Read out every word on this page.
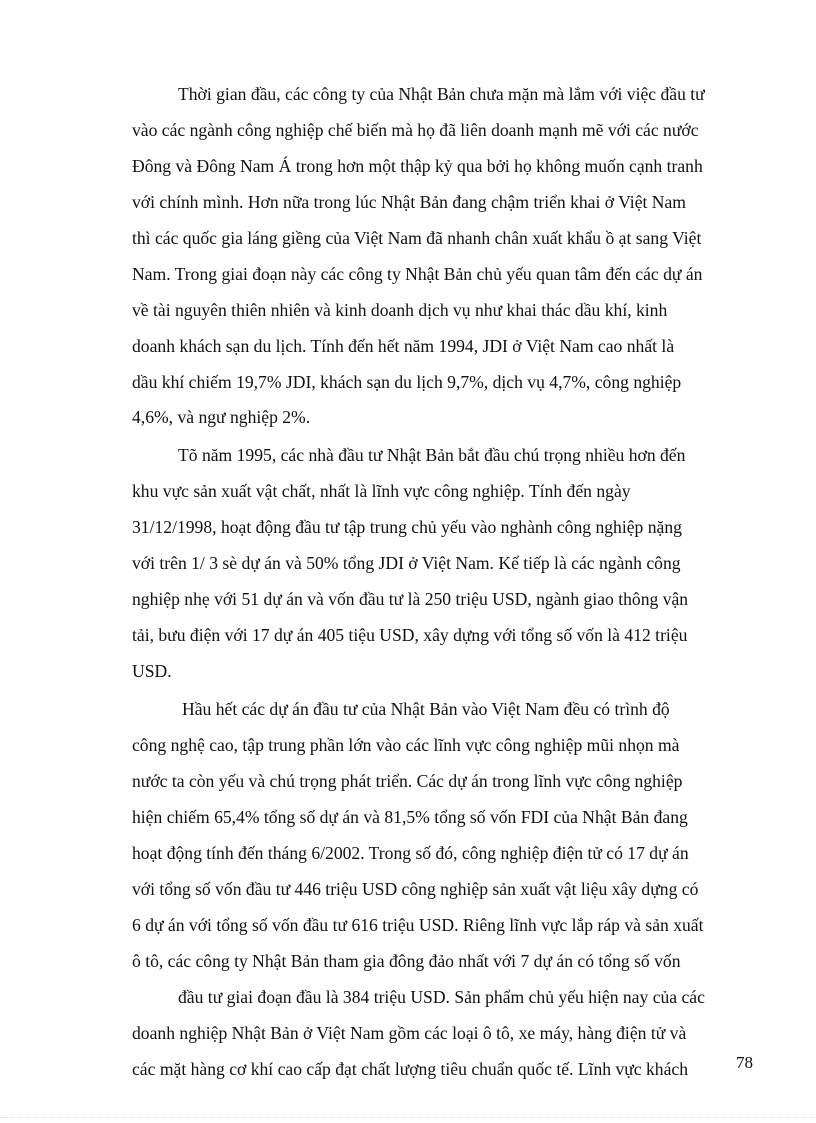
Thời gian đầu, các công ty của Nhật Bản chưa mặn mà lắm với việc đầu tư

vào các ngành công nghiệp chế biến mà họ đã liên doanh mạnh mẽ với các nước

Đông và Đông Nam Á trong hơn một thập kỷ qua bởi họ không muốn cạnh tranh

với chính mình. Hơn nữa trong lúc Nhật Bản đang chậm triển khai ở Việt Nam

thì các quốc gia láng giềng của Việt Nam đã nhanh chân xuất khẩu ồ ạt sang Việt

Nam. Trong giai đoạn này các công ty Nhật Bản chủ yếu quan tâm đến các dự án

về tài nguyên thiên nhiên và kinh doanh dịch vụ như khai thác dầu khí, kinh

doanh khách sạn du lịch. Tính đến hết năm 1994, JDI ở Việt Nam cao nhất là

dầu khí chiếm 19,7% JDI, khách sạn du lịch 9,7%, dịch vụ 4,7%, công nghiệp

4,6%, và ngư nghiệp 2%.

Tõ năm 1995, các nhà đầu tư Nhật Bản bắt đầu chú trọng nhiều hơn đến

khu vực sản xuất vật chất, nhất là lĩnh vực công nghiệp. Tính đến ngày

31/12/1998, hoạt động đầu tư tập trung chủ yếu vào nghành công nghiệp nặng

với trên 1/ 3 sè dự án và 50% tổng JDI ở Việt Nam. Kế tiếp là các ngành công

nghiệp nhẹ với 51 dự án và vốn đầu tư là 250 triệu USD, ngành giao thông vận

tải, bưu điện với 17 dự án 405 tiệu USD, xây dựng với tổng số vốn là 412 triệu

USD.

Hầu hết các dự án đầu tư của Nhật Bản vào Việt Nam đều có trình độ

công nghệ cao, tập trung phần lớn vào các lĩnh vực công nghiệp mũi nhọn mà

nước ta còn yếu và chú trọng phát triển. Các dự án trong lĩnh vực công nghiệp

hiện chiếm 65,4% tổng số dự án và 81,5% tổng số vốn FDI của Nhật Bản đang

hoạt động tính đến tháng 6/2002. Trong số đó, công nghiệp điện tử có 17 dự án

với tổng số vốn đầu tư 446 triệu USD công nghiệp sản xuất vật liệu xây dựng có

6 dự án với tổng số vốn đầu tư 616 triệu USD. Riêng lĩnh vực lắp ráp và sản xuất

ô tô, các công ty Nhật Bản tham gia đông đảo nhất với 7 dự án có tổng số vốn

đầu tư giai đoạn đầu là 384 triệu USD. Sản phẩm chủ yếu hiện nay của các

doanh nghiệp Nhật Bản ở Việt Nam gồm các loại ô tô, xe máy, hàng điện tử và

các mặt hàng cơ khí cao cấp đạt chất lượng tiêu chuẩn quốc tế. Lĩnh vực khách	78
